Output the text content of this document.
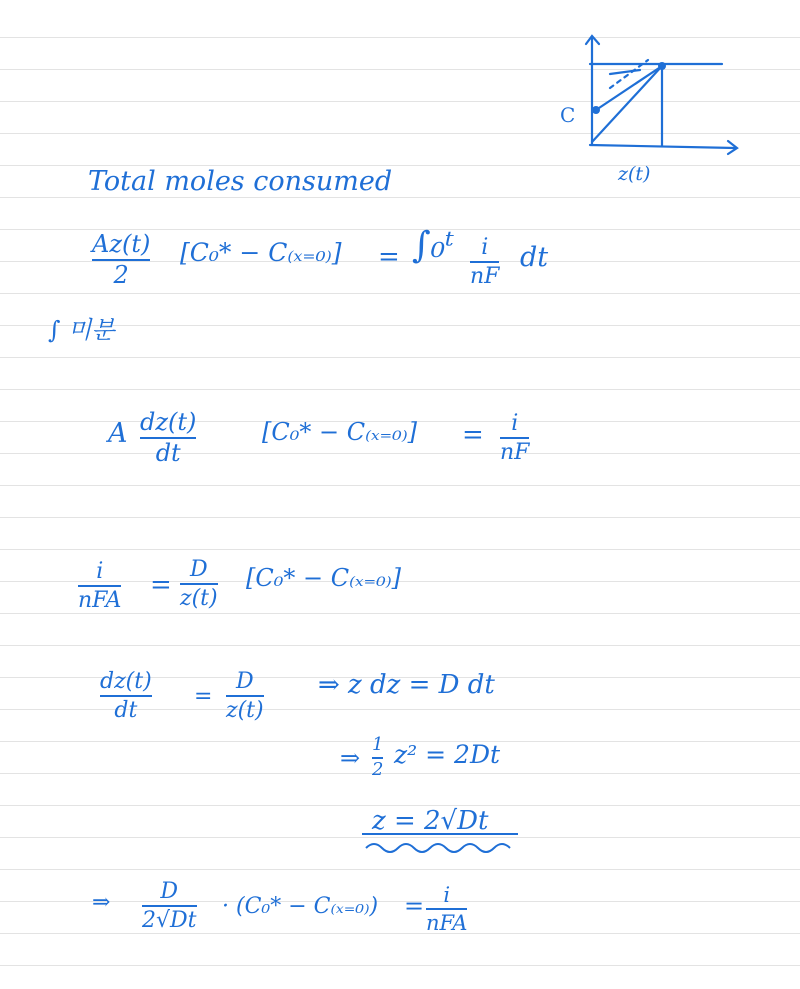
C
z(t)
Total moles consumed
Az(t)
2
[C₀* − C₍ₓ₌₀₎] = ∫₀ᵗ i
nF
dt
∫ 미분
A dz(t)
dt
[C₀* − C₍ₓ₌₀₎] = i
nF
i
nFA
=
D
z(t)
[C₀* − C₍ₓ₌₀₎]
dz(t)
dt
=
D
z(t)
⇒ z dz = D dt
⇒ 1
2
z² = 2Dt
z = 2√Dt
⇒ D
2√Dt
· (C₀* − C₍ₓ₌₀₎) = i
nFA
